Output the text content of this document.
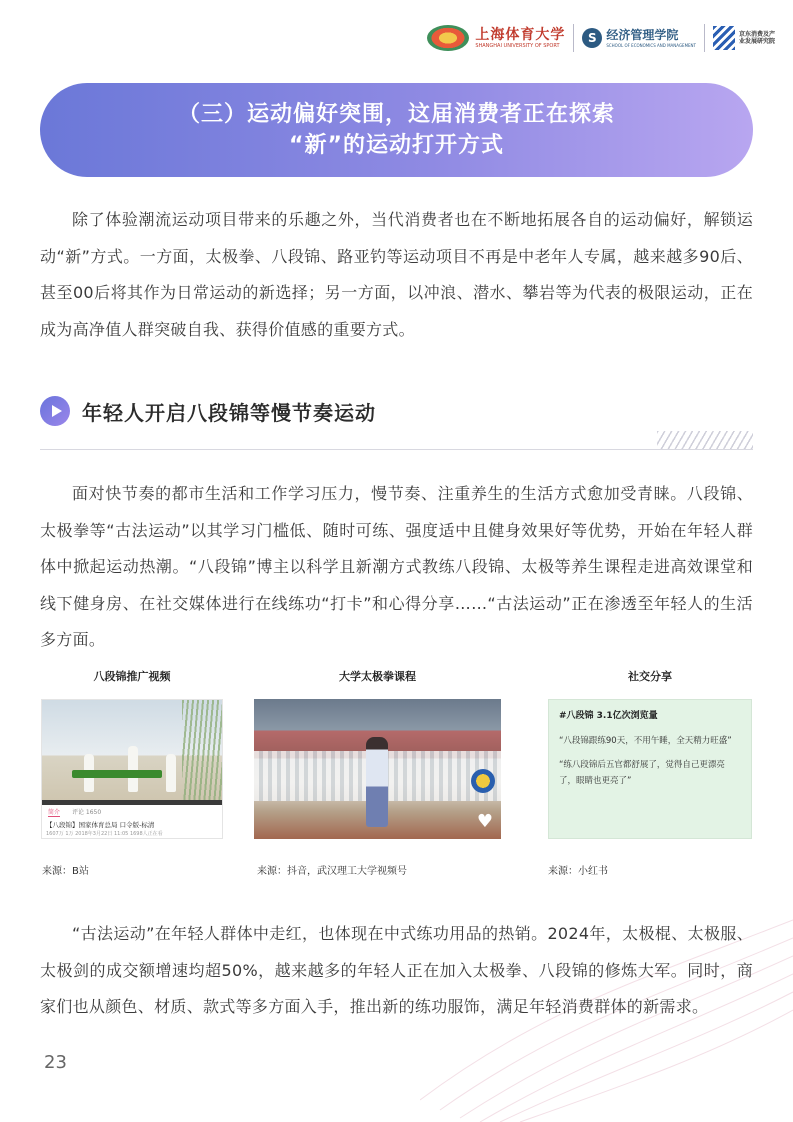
上海体育大学
SHANGHAI UNIVERSITY OF SPORT
S 经济管理学院
SCHOOL OF ECONOMICS AND MANAGEMENT
京东消费及产业发展研究院
（三）运动偏好突围，这届消费者正在探索
“新”的运动打开方式

除了体验潮流运动项目带来的乐趣之外，当代消费者也在不断地拓展各自的运动偏好，解锁运动“新”方式。一方面，太极拳、八段锦、路亚钓等运动项目不再是中老年人专属，越来越多90后、甚至00后将其作为日常运动的新选择；另一方面，以冲浪、潜水、攀岩等为代表的极限运动，正在成为高净值人群突破自我、获得价值感的重要方式。

年轻人开启八段锦等慢节奏运动

面对快节奏的都市生活和工作学习压力，慢节奏、注重养生的生活方式愈加受青睐。八段锦、太极拳等“古法运动”以其学习门槛低、随时可练、强度适中且健身效果好等优势，开始在年轻人群体中掀起运动热潮。“八段锦”博主以科学且新潮方式教练八段锦、太极等养生课程走进高效课堂和线下健身房、在社交媒体进行在线练功“打卡”和心得分享……“古法运动”正在渗透至年轻人的生活多方面。

八段锦推广视频
简介 评论 1650
【八段锦】国家体育总局 口令版-标清
1607万 1万 2018年3月22日 11:05 1698人正在看
来源：B站
大学太极拳课程
♥
来源：抖音，武汉理工大学视频号
社交分享
#八段锦 3.1亿次浏览量
“八段锦跟练90天，不用午睡，全天精力旺盛”
“练八段锦后五官都舒展了，觉得自己更漂亮了，眼睛也更亮了”
来源：小红书

“古法运动”在年轻人群体中走红，也体现在中式练功用品的热销。2024年，太极棍、太极服、太极剑的成交额增速均超50%，越来越多的年轻人正在加入太极拳、八段锦的修炼大军。同时，商家们也从颜色、材质、款式等多方面入手，推出新的练功服饰，满足年轻消费群体的新需求。

23
